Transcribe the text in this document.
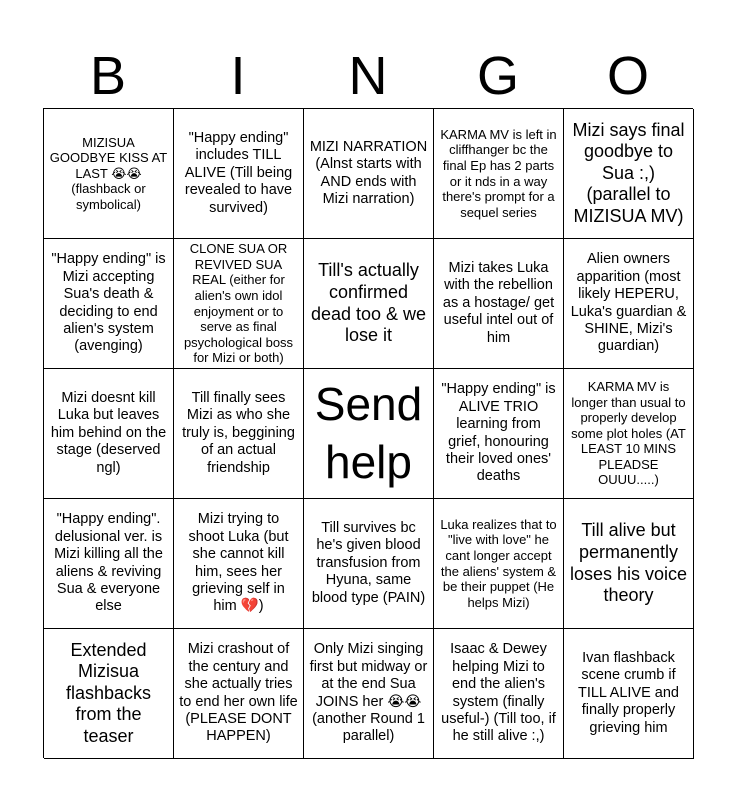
B	I	N	G	O
MIZISUA GOODBYE KISS AT LAST 😭😭 (flashback or symbolical)
"Happy ending" includes TILL ALIVE (Till being revealed to have survived)
MIZI NARRATION (Alnst starts with AND ends with Mizi narration)
KARMA MV is left in cliffhanger bc the final Ep has 2 parts or it nds in a way there's prompt for a sequel series
Mizi says final goodbye to Sua :,) (parallel to MIZISUA MV)
"Happy ending" is Mizi accepting Sua's death & deciding to end alien's system (avenging)
CLONE SUA OR REVIVED SUA REAL (either for alien's own idol enjoyment or to serve as final psychological boss for Mizi or both)
Till's actually confirmed dead too & we lose it
Mizi takes Luka with the rebellion as a hostage/ get useful intel out of him
Alien owners apparition (most likely HEPERU, Luka's guardian & SHINE, Mizi's guardian)
Mizi doesnt kill Luka but leaves him behind on the stage (deserved ngl)
Till finally sees Mizi as who she truly is, beggining of an actual friendship
Send help
"Happy ending" is ALIVE TRIO learning from grief, honouring their loved ones' deaths
KARMA MV is longer than usual to properly develop some plot holes (AT LEAST 10 MINS PLEADSE OUUU.....)
"Happy ending". delusional ver. is Mizi killing all the aliens & reviving Sua & everyone else
Mizi trying to shoot Luka (but she cannot kill him, sees her grieving self in him 💔)
Till survives bc he's given blood transfusion from Hyuna, same blood type (PAIN)
Luka realizes that to "live with love" he cant longer accept the aliens' system & be their puppet (He helps Mizi)
Till alive but permanently loses his voice theory
Extended Mizisua flashbacks from the teaser
Mizi crashout of the century and she actually tries to end her own life (PLEASE DONT HAPPEN)
Only Mizi singing first but midway or at the end Sua JOINS her 😭😭 (another Round 1 parallel)
Isaac & Dewey helping Mizi to end the alien's system (finally useful-) (Till too, if he still alive :,)
Ivan flashback scene crumb if TILL ALIVE and finally properly grieving him
